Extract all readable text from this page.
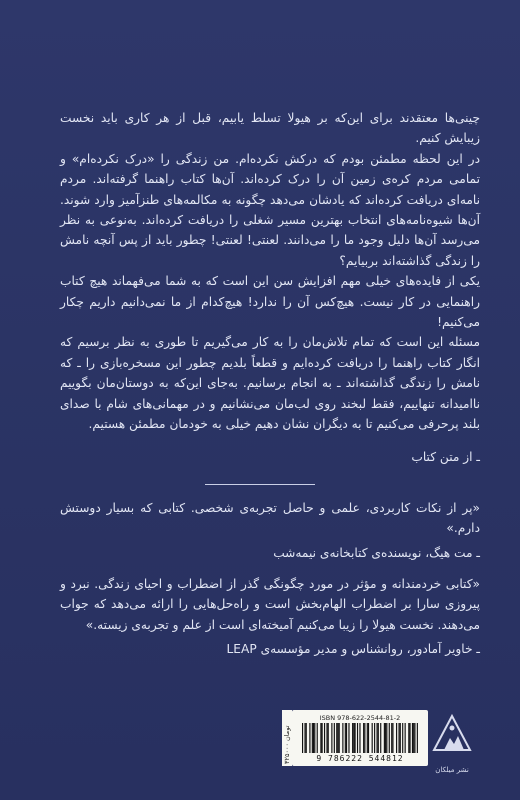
چینی‌ها معتقدند برای این‌که بر هیولا تسلط یابیم، قبل از هر کاری باید نخست زیبایش کنیم.

در این لحظه مطمئن بودم که درکش نکرده‌ام. من زندگی را «درک نکرده‌ام» و تمامی مردم کره‌ی زمین آن را درک کرده‌اند. آن‌ها کتاب راهنما گرفته‌اند. مردم نامه‌ای دریافت کرده‌اند که یادشان می‌دهد چگونه به مکالمه‌های طنزآمیز وارد شوند. آن‌ها شیوه‌نامه‌های انتخاب بهترین مسیر شغلی را دریافت کرده‌اند. به‌نوعی به نظر می‌رسد آن‌ها دلیل وجود ما را می‌دانند. لعنتی! لعنتی! چطور باید از پس آنچه نامش را زندگی گذاشته‌اند بربیایم؟

یکی از فایده‌های خیلی مهم افزایش سن این است که به شما می‌فهماند هیچ کتاب راهنمایی در کار نیست. هیچ‌کس آن را ندارد! هیچ‌کدام از ما نمی‌دانیم داریم چکار می‌کنیم!

مسئله این است که تمام تلاش‌مان را به کار می‌گیریم تا طوری به نظر برسیم که انگار کتاب راهنما را دریافت کرده‌ایم و قطعاً بلدیم چطور این مسخره‌بازی را ـ که نامش را زندگی گذاشته‌اند ـ به انجام برسانیم. به‌جای این‌که به دوستان‌مان بگوییم ناامیدانه تنهاییم، فقط لبخند روی لب‌مان می‌نشانیم و در مهمانی‌های شام با صدای بلند پرحرفی می‌کنیم تا به دیگران نشان دهیم خیلی به خودمان مطمئن هستیم.

ـ از متن کتاب

«پر از نکات کاربردی، علمی و حاصل تجربه‌ی شخصی. کتابی که بسیار دوستش دارم.»

ـ مت هیگ، نویسنده‌ی کتابخانه‌ی نیمه‌شب

«کتابی خردمندانه و مؤثر در مورد چگونگی گذر از اضطراب و احیای زندگی. نبرد و پیروزی سارا بر اضطراب الهام‌بخش است و راه‌حل‌هایی را ارائه می‌دهد که جواب می‌دهند. نخست هیولا را زیبا می‌کنیم آمیخته‌ای است از علم و تجربه‌ی زیسته.»

ـ خاویر آمادور، روانشناس و مدیر مؤسسه‌ی LEAP

۳۲۵۰۰۰ تومان
ISBN 978-622-2544-81-2
9 786222 544812
نشر میلکان
